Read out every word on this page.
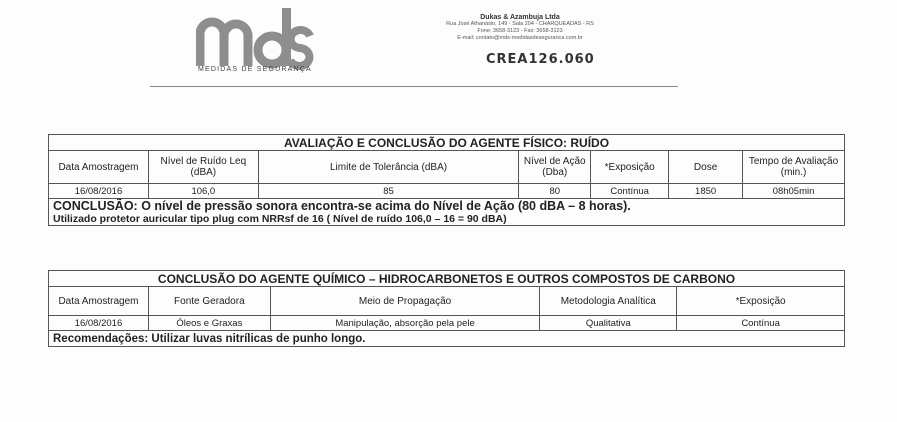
MEDIDAS DE SEGURANÇA
Dukas & Azambuja Ltda
Rua José Athanásio, 149 - Sala 204 - CHARQUEADAS - RS
Fone: 3658-3123 - Fax: 3658-3123
E-mail: contato@mds-medidasdeseguranca.com.br
CREA126.060
AVALIAÇÃO E CONCLUSÃO DO AGENTE FÍSICO: RUÍDO						
Data Amostragem	Nível de Ruído Leq (dBA)	Limite de Tolerância (dBA)	Nível de Ação (Dba)	*Exposição	Dose	Tempo de Avaliação (min.)
16/08/2016	106,0	85	80	Contínua	1850	08h05min

CONCLUSÃO: O nível de pressão sonora encontra-se acima do Nível de Ação (80 dBA – 8 horas).
Utilizado protetor auricular tipo plug com NRRsf de 16 ( Nível de ruído 106,0 – 16 = 90 dBA)						
CONCLUSÃO DO AGENTE QUÍMICO – HIDROCARBONETOS E OUTROS COMPOSTOS DE CARBONO				
Data Amostragem	Fonte Geradora	Meio de Propagação	Metodologia Analítica	*Exposição
16/08/2016	Óleos e Graxas	Manipulação, absorção pela pele	Qualitativa	Contínua
Recomendações: Utilizar luvas nitrílicas de punho longo.				
